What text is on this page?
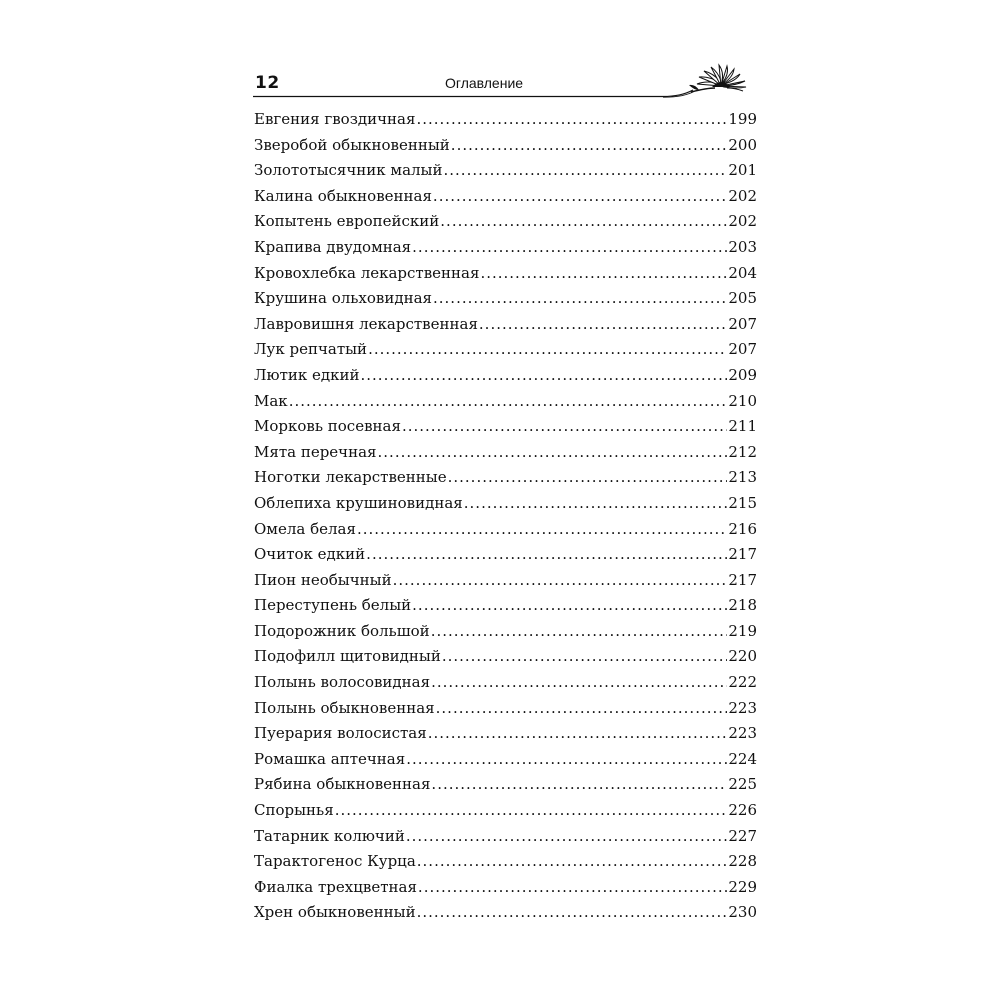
12	Оглавление
Евгения гвоздичная .....	199
Зверобой обыкновенный .....	200
Золототысячник малый .....	201
Калина обыкновенная .....	202
Копытень европейский .....	202
Крапива двудомная .....	203
Кровохлебка лекарственная .....	204
Крушина ольховидная .....	205
Лавровишня лекарственная .....	207
Лук репчатый .....	207
Лютик едкий .....	209
Мак .....	210
Морковь посевная .....	211
Мята перечная .....	212
Ноготки лекарственные .....	213
Облепиха крушиновидная .....	215
Омела белая .....	216
Очиток едкий .....	217
Пион необычный .....	217
Переступень белый .....	218
Подорожник большой .....	219
Подофилл щитовидный .....	220
Полынь волосовидная .....	222
Полынь обыкновенная .....	223
Пуерария волосистая .....	223
Ромашка аптечная .....	224
Рябина обыкновенная .....	225
Спорынья .....	226
Татарник колючий .....	227
Тарактогенос Курца .....	228
Фиалка трехцветная .....	229
Хрен обыкновенный .....	230
